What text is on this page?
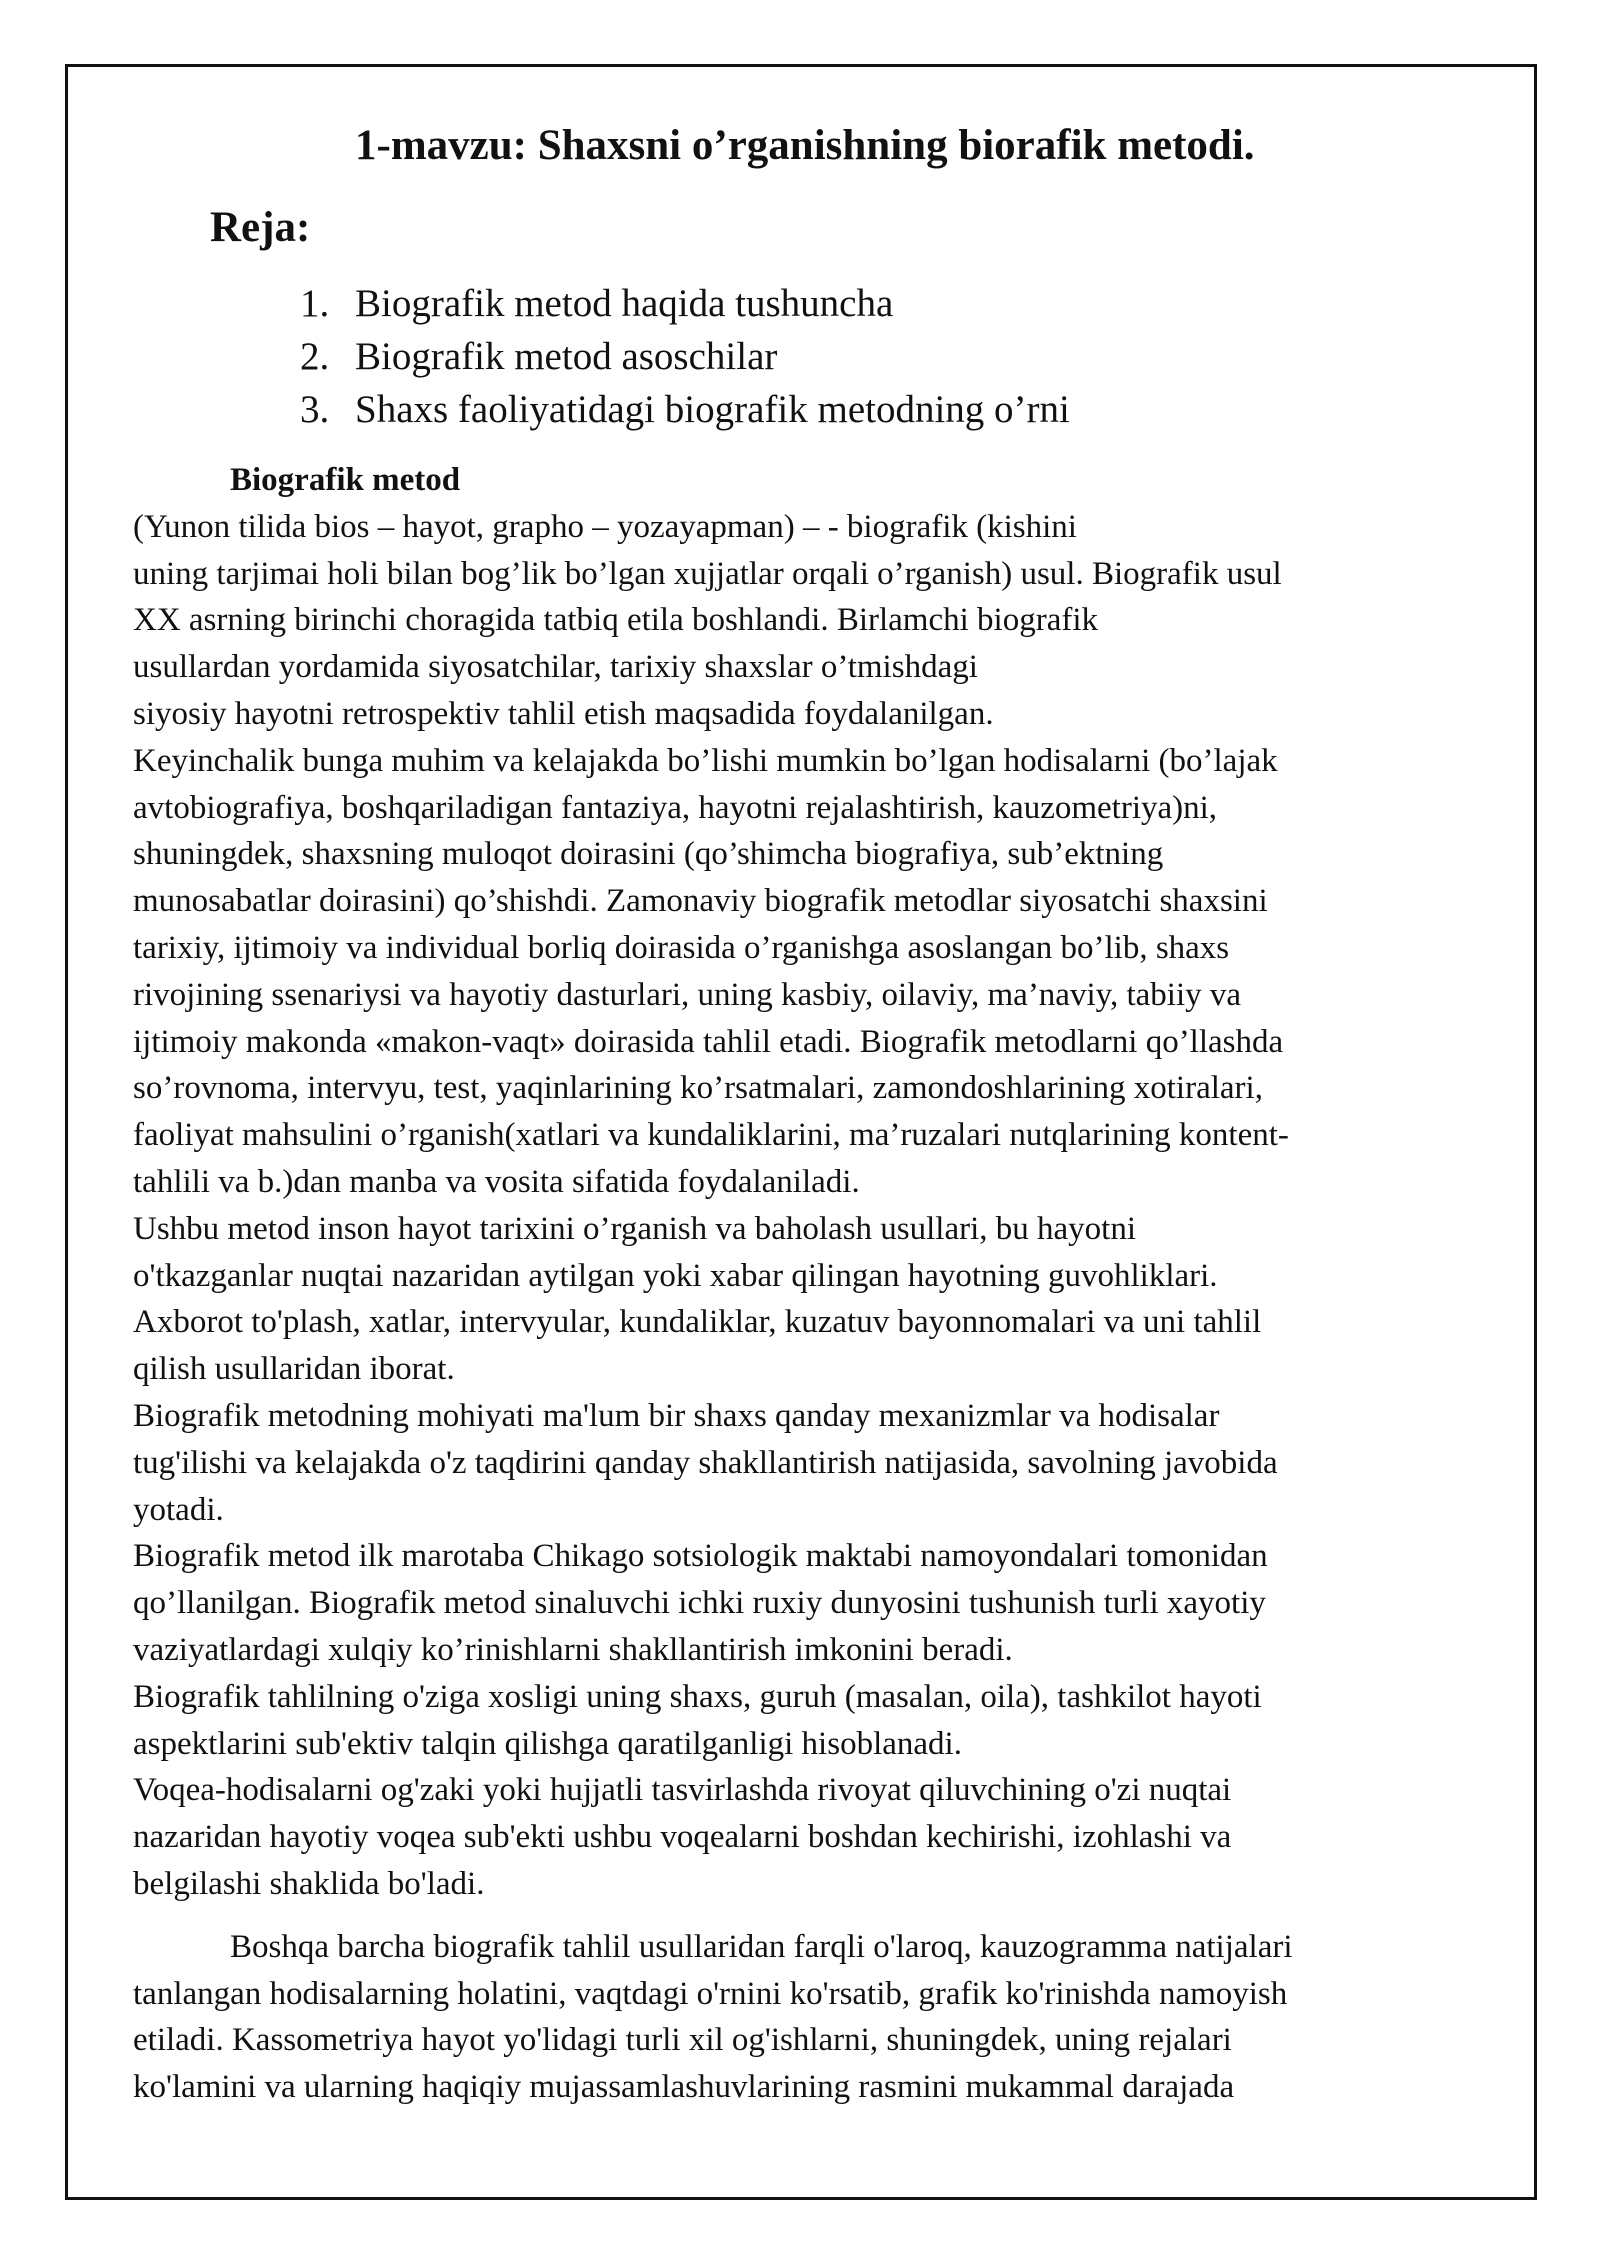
1-mavzu: Shaxsni o’rganishning biorafik metodi.
Reja:
1. Biografik metod haqida tushuncha
2. Biografik metod asoschilar
3. Shaxs faoliyatidagi biografik metodning o’rni
Biografik metod
(Yunon tilida bios – hayot, grapho – yozayapman) – - biografik (kishini
uning tarjimai holi bilan bog’lik bo’lgan xujjatlar orqali o’rganish) usul. Biografik usul
XX asrning birinchi choragida tatbiq etila boshlandi. Birlamchi biografik
usullardan yordamida siyosatchilar, tarixiy shaxslar o’tmishdagi
siyosiy hayotni retrospektiv tahlil etish maqsadida foydalanilgan.
Keyinchalik bunga muhim va kelajakda bo’lishi mumkin bo’lgan hodisalarni (bo’lajak
avtobiografiya, boshqariladigan fantaziya, hayotni rejalashtirish, kauzometriya)ni,
shuningdek, shaxsning muloqot doirasini (qo’shimcha biografiya, sub’ektning
munosabatlar doirasini) qo’shishdi. Zamonaviy biografik metodlar siyosatchi shaxsini
tarixiy, ijtimoiy va individual borliq doirasida o’rganishga asoslangan bo’lib, shaxs
rivojining ssenariysi va hayotiy dasturlari, uning kasbiy, oilaviy, ma’naviy, tabiiy va
ijtimoiy makonda «makon-vaqt» doirasida tahlil etadi. Biografik metodlarni qo’llashda
so’rovnoma, intervyu, test, yaqinlarining ko’rsatmalari, zamondoshlarining xotiralari,
faoliyat mahsulini o’rganish(xatlari va kundaliklarini, ma’ruzalari nutqlarining kontent-
tahlili va b.)dan manba va vosita sifatida foydalaniladi.
Ushbu metod inson hayot tarixini o’rganish va baholash usullari, bu hayotni
o'tkazganlar nuqtai nazaridan aytilgan yoki xabar qilingan hayotning guvohliklari.
Axborot to'plash, xatlar, intervyular, kundaliklar, kuzatuv bayonnomalari va uni tahlil
qilish usullaridan iborat.
Biografik metodning mohiyati ma'lum bir shaxs qanday mexanizmlar va hodisalar
tug'ilishi va kelajakda o'z taqdirini qanday shakllantirish natijasida, savolning javobida
yotadi.
Biografik metod ilk marotaba Chikago sotsiologik maktabi namoyondalari tomonidan
qo’llanilgan. Biografik metod sinaluvchi ichki ruxiy dunyosini tushunish turli xayotiy
vaziyatlardagi xulqiy ko’rinishlarni shakllantirish imkonini beradi.
Biografik tahlilning o'ziga xosligi uning shaxs, guruh (masalan, oila), tashkilot hayoti
aspektlarini sub'ektiv talqin qilishga qaratilganligi hisoblanadi.
Voqea-hodisalarni og'zaki yoki hujjatli tasvirlashda rivoyat qiluvchining o'zi nuqtai
nazaridan hayotiy voqea sub'ekti ushbu voqealarni boshdan kechirishi, izohlashi va
belgilashi shaklida bo'ladi.
Boshqa barcha biografik tahlil usullaridan farqli o'laroq, kauzogramma natijalari
tanlangan hodisalarning holatini, vaqtdagi o'rnini ko'rsatib, grafik ko'rinishda namoyish
etiladi. Kassometriya hayot yo'lidagi turli xil og'ishlarni, shuningdek, uning rejalari
ko'lamini va ularning haqiqiy mujassamlashuvlarining rasmini mukammal darajada
